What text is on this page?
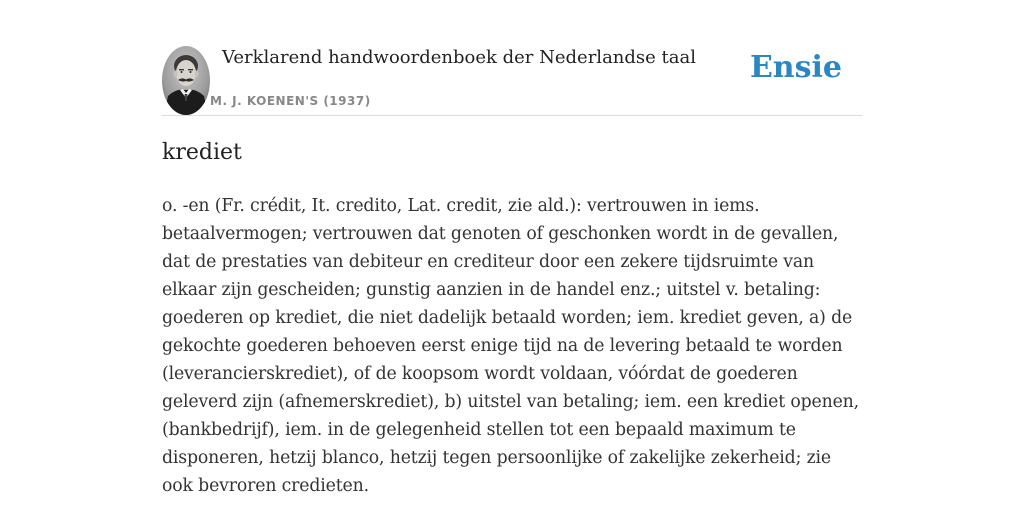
Verklarend handwoordenboek der Nederlandse taal
M. J. KOENEN'S (1937)
Ensie
krediet

o. -en (Fr. crédit, It. credito, Lat. credit, zie ald.): vertrouwen in iems. betaalvermogen; vertrouwen dat genoten of geschonken wordt in de gevallen, dat de prestaties van debiteur en crediteur door een zekere tijdsruimte van elkaar zijn gescheiden; gunstig aanzien in de handel enz.; uitstel v. betaling: goederen op krediet, die niet dadelijk betaald worden; iem. krediet geven, a) de gekochte goederen behoeven eerst enige tijd na de levering betaald te worden (leverancierskrediet), of de koopsom wordt voldaan, vóórdat de goederen geleverd zijn (afnemerskrediet), b) uitstel van betaling; iem. een krediet openen, (bankbedrijf), iem. in de gelegenheid stellen tot een bepaald maximum te disponeren, hetzij blanco, hetzij tegen persoonlijke of zakelijke zekerheid; zie ook bevroren credieten.
